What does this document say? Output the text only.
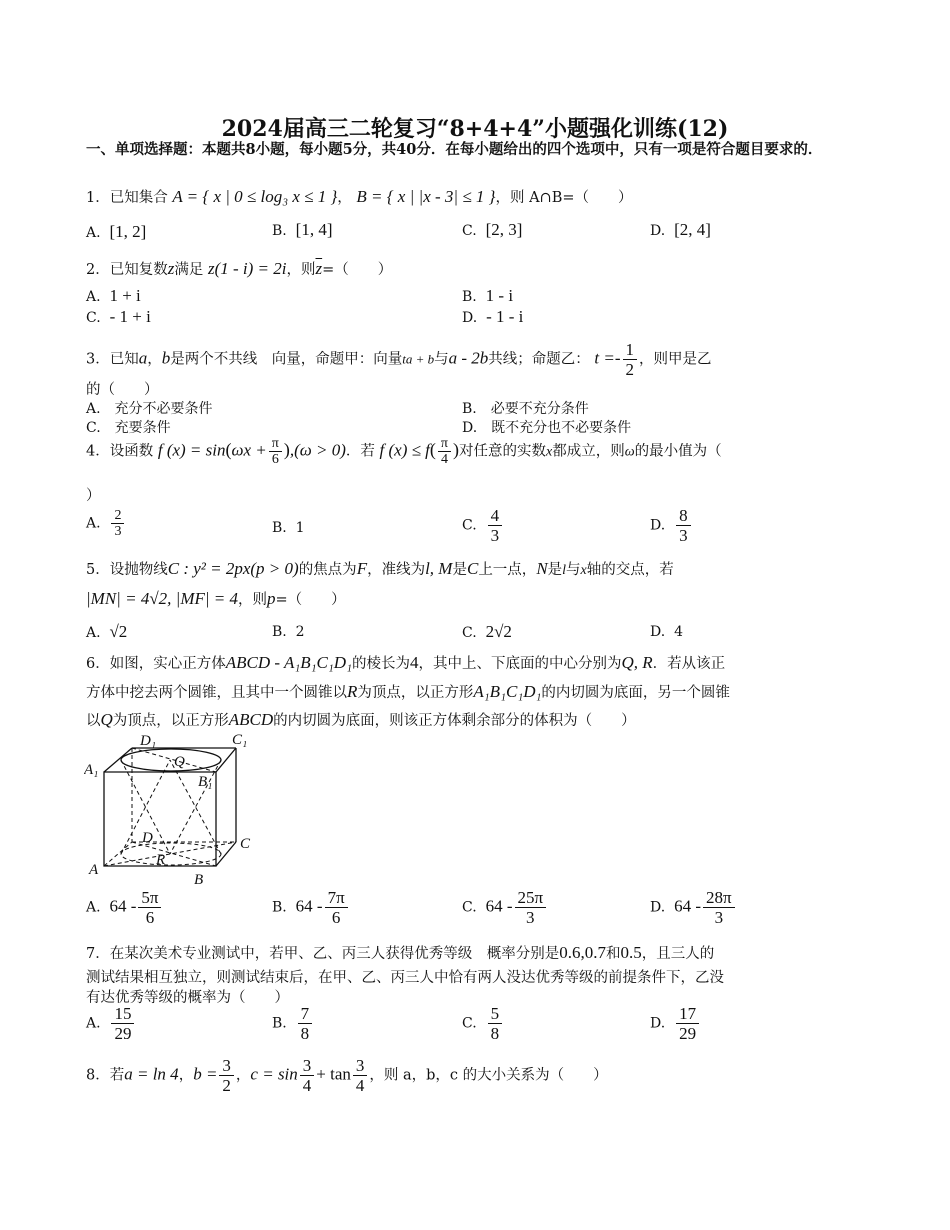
2024届高三二轮复习“8+4+4”小题强化训练(12)
一、单项选择题：本题共8小题，每小题5分，共40分．在每小题给出的四个选项中，只有一项是符合题目要求的．
1．已知集合 A = { x | 0 ≤ log₃ x ≤ 1 }， B = { x | |x - 3| ≤ 1 }，则 A∩B=（　　）
A. [1, 2]	B. [1, 4]	C. [2, 3]	D. [2, 4]
2．已知复数z满足 z(1 - i) = 2i，则$\overline{z}=$（　　）
A. 1 + i	B. 1 - i
C. - 1 + i	D. - 1 - i
3．已知a，b是两个不共线　向量，命题甲：向量ta + b与a - 2b共线；命题乙： $t =- \frac{1}{2}$ ，则甲是乙
的（　　）
A.　充分不必要条件	B.　必要不充分条件
C.　充要条件	D.　既不充分也不必要条件
4．设函数 f $(x) = \sin(\omega x + \frac{\pi}{6} ),(\omega > 0)$．若 f $(x) \le f( \frac{\pi}{4}$ )对任意的实数x都成立，则ω的最小值为（
）
A. $\frac{2}{3}$	B. 1	C. $\frac{4}{3}$	D. $\frac{8}{3}$
5．设抛物线C : y² = 2px(p > 0)的焦点为F，准线为l, M是C上一点，N是l与x轴的交点，若
|MN| = 4√2, |MF| = 4，则p=（　　）
A. √2	B. 2	C. 2√2	D. 4
6．如图，实心正方体ABCD - A₁B₁C₁D₁的棱长为4，其中上、下底面的中心分别为Q, R．若从该正
方体中挖去两个圆锥，且其中一个圆锥以R为顶点，以正方形A₁B₁C₁D₁的内切圆为底面，另一个圆锥
以Q为顶点，以正方形ABCD的内切圆为底面，则该正方体剩余部分的体积为（　　）
D₁	C₁
A₁
B₁
Q
D	C
R
A
B
A. $64 - \frac{5\pi}{6}$	B. $64 - \frac{7\pi}{6}$	C. $64 - \frac{25\pi}{3}$	D. $64 - \frac{28\pi}{3}$
7．在某次美术专业测试中，若甲、乙、丙三人获得优秀等级　概率分别是0.6,0.7和0.5，且三人的
测试结果相互独立，则测试结束后，在甲、乙、丙三人中恰有两人没达优秀等级的前提条件下，乙没
有达优秀等级的概率为（　　）
A. $\frac{15}{29}$	B. $\frac{7}{8}$	C. $\frac{5}{8}$	D. $\frac{17}{29}$
8．若a = ln 4，$b = \frac{3}{2}$ ，$c = \sin \frac{3}{4} + \tan \frac{3}{4}$ ，则 a，b，c 的大小关系为（　　）
